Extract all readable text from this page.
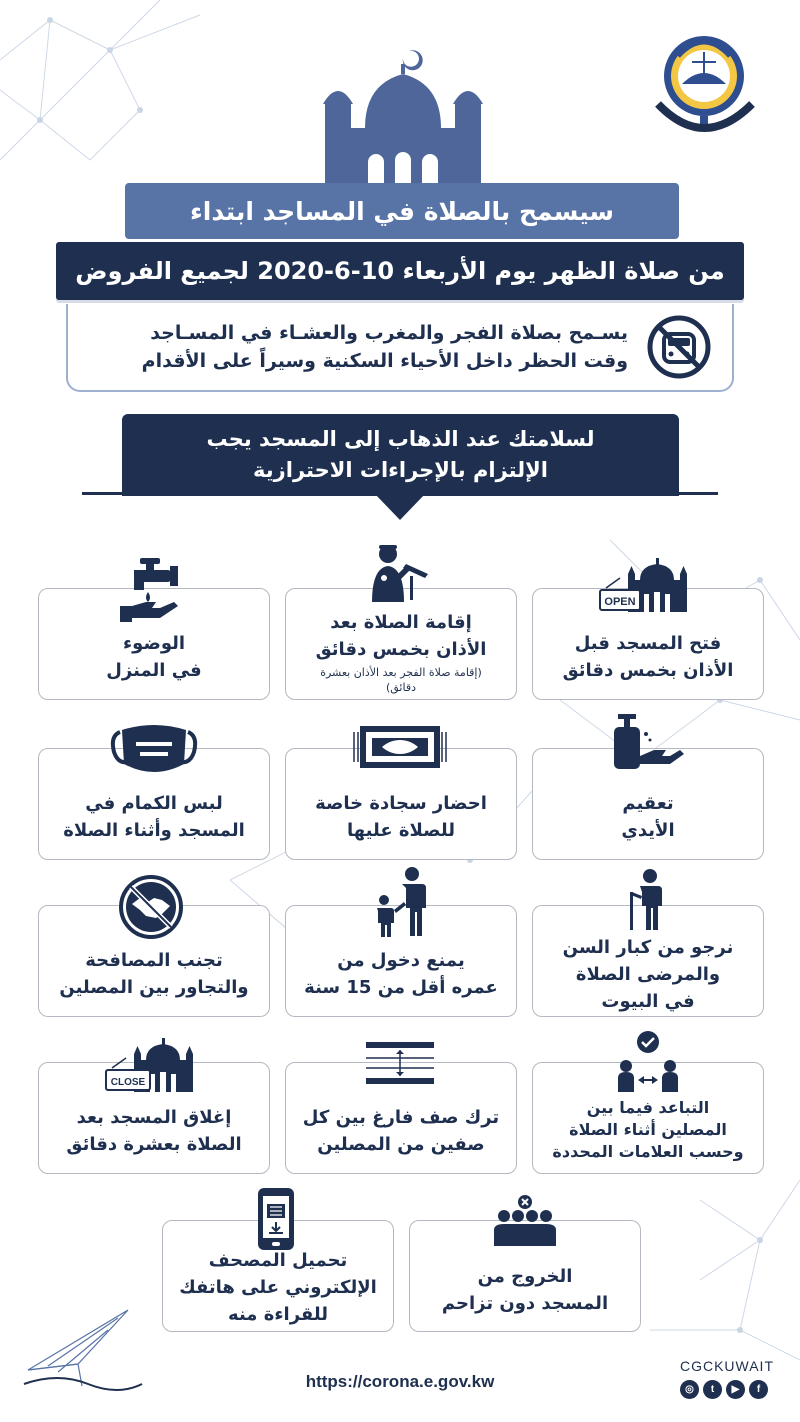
سيسمح بالصلاة في المساجد ابتداء
من صلاة الظهر يوم الأربعاء 10-6-2020 لجميع الفروض
يسـمح بصلاة الفجر والمغرب والعشـاء في المسـاجد
وقت الحظر داخل الأحياء السكنية وسيراً على الأقدام
لسلامتك عند الذهاب إلى المسجد يجب
الإلتزام بالإجراءات الاحترازية
فتح المسجد قبل
الأذان بخمس دقائق
OPEN
إقامة الصلاة بعد
الأذان بخمس دقائق
(إقامة صلاة الفجر بعد الأذان بعشرة دقائق)
الوضوء
في المنزل
تعقيم
الأيدي
احضار سجادة خاصة
للصلاة عليها
لبس الكمام في
المسجد وأثناء الصلاة
نرجو من كبار السن
والمرضى الصلاة
في البيوت
يمنع دخول من
عمره أقل من 15 سنة
تجنب المصافحة
والتجاور بين المصلين
التباعد فيما بين
المصلين أثناء الصلاة
وحسب العلامات المحددة
ترك صف فارغ بين كل
صفين من المصلين
إغلاق المسجد بعد
الصلاة بعشرة دقائق
CLOSE
الخروج من
المسجد دون تزاحم
تحميل المصحف
الإلكتروني على هاتفك
للقراءة منه
https://corona.e.gov.kw
CGCKUWAIT
◎	t	▶	f
